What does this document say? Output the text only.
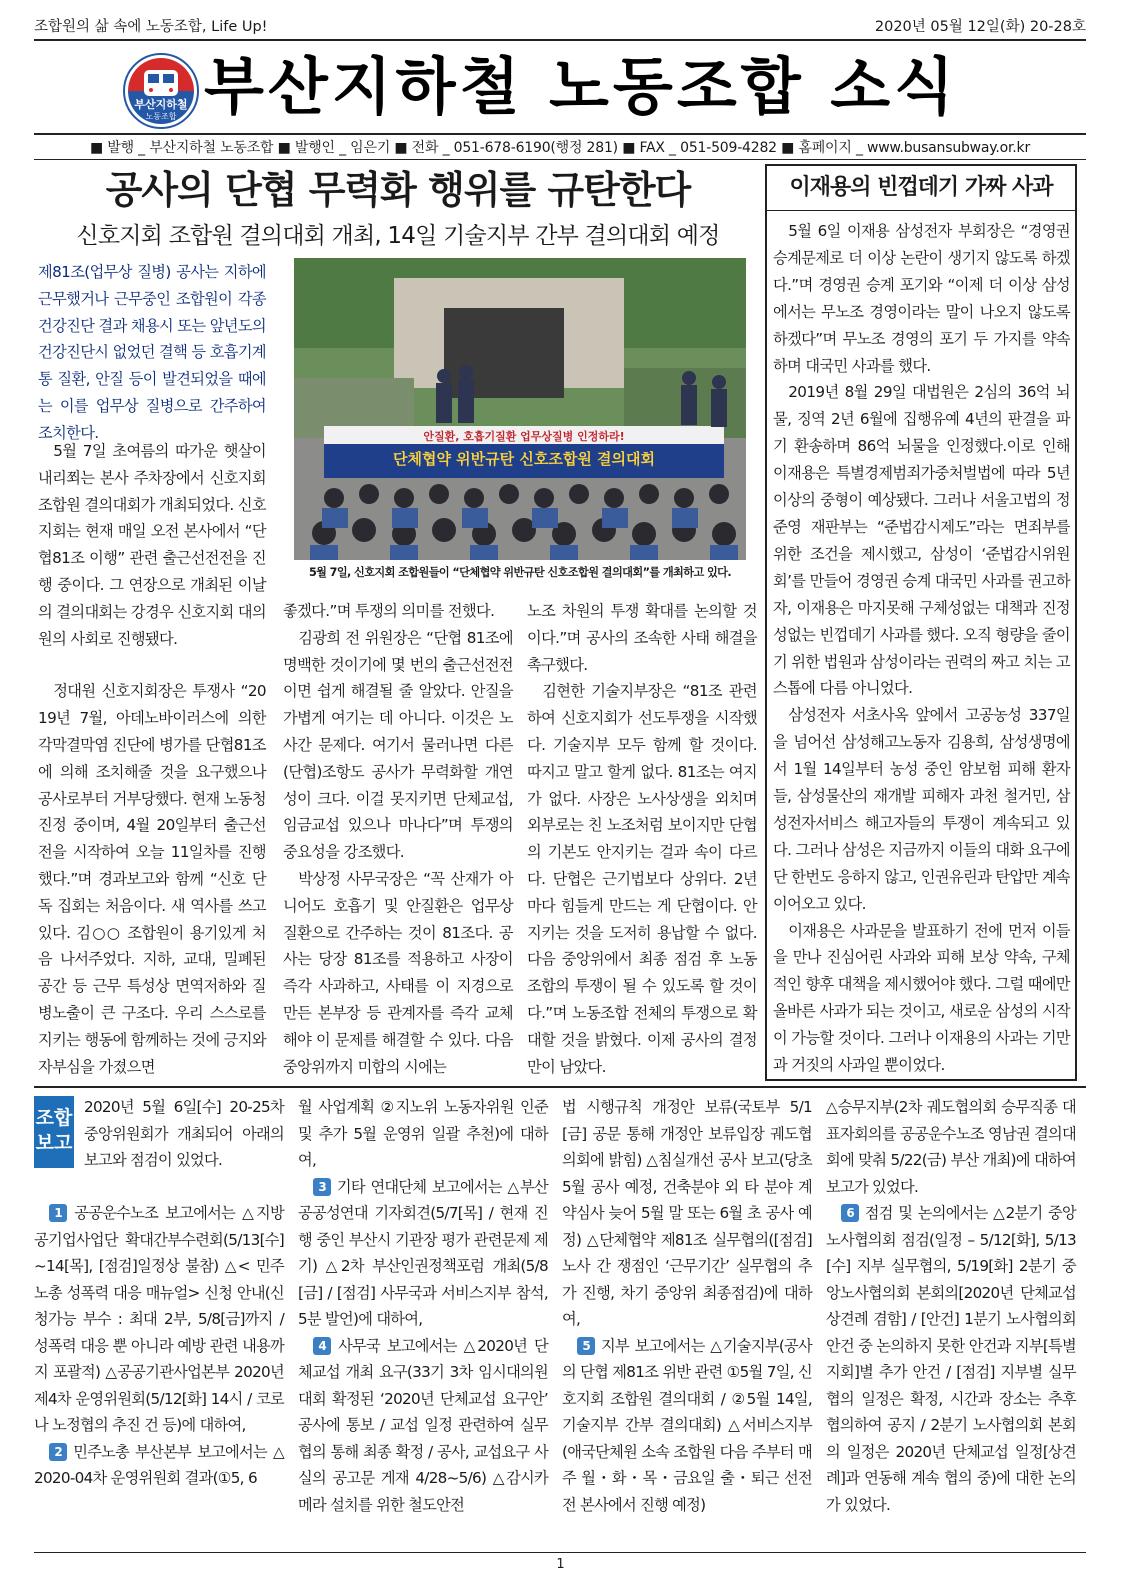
조합원의 삶 속에 노동조합, Life Up!	2020년 05월 12일(화) 20-28호
부산지하철
노동조합 부산지하철 노동조합 소식
■ 발행 _ 부산지하철 노동조합 ■ 발행인 _ 임은기 ■ 전화 _ 051-678-6190(행정 281) ■ FAX _ 051-509-4282 ■ 홈페이지 _ www.busansubway.or.kr
공사의 단협 무력화 행위를 규탄한다
신호지회 조합원 결의대회 개최, 14일 기술지부 간부 결의대회 예정

제81조(업무상 질병) 공사는 지하에 근무했거나 근무중인 조합원이 각종 건강진단 결과 채용시 또는 앞년도의 건강진단시 없었던 결핵 등 호흡기계통 질환, 안질 등이 발견되었을 때에는 이를 업무상 질병으로 간주하여 조치한다.

5월 7일 초여름의 따가운 햇살이 내리쬐는 본사 주차장에서 신호지회 조합원 결의대회가 개최되었다. 신호지회는 현재 매일 오전 본사에서 “단협81조 이행” 관련 출근선전전을 진행 중이다. 그 연장으로 개최된 이날의 결의대회는 강경우 신호지회 대의원의 사회로 진행됐다.

정대원 신호지회장은 투쟁사 “2019년 7월, 아데노바이러스에 의한 각막결막염 진단에 병가를 단협81조에 의해 조치해줄 것을 요구했으나 공사로부터 거부당했다. 현재 노동청 진정 중이며, 4월 20일부터 출근선전을 시작하여 오늘 11일차를 진행했다.”며 경과보고와 함께 “신호 단독 집회는 처음이다. 새 역사를 쓰고 있다. 김○○ 조합원이 용기있게 처음 나서주었다. 지하, 교대, 밀폐된 공간 등 근무 특성상 면역저하와 질병노출이 큰 구조다. 우리 스스로를 지키는 행동에 함께하는 것에 긍지와 자부심을 가졌으면

안질환, 호흡기질환 업무상질병 인정하라!
단체협약 위반규탄 신호조합원 결의대회
5월 7일, 신호지회 조합원들이 “단체협약 위반규탄 신호조합원 결의대회”를 개최하고 있다.

좋겠다.”며 투쟁의 의미를 전했다.

김광희 전 위원장은 “단협 81조에 명백한 것이기에 몇 번의 출근선전전이면 쉽게 해결될 줄 알았다. 안질을 가볍게 여기는 데 아니다. 이것은 노사간 문제다. 여기서 물러나면 다른 (단협)조항도 공사가 무력화할 개연성이 크다. 이걸 못지키면 단체교섭, 임금교섭 있으나 마나다”며 투쟁의 중요성을 강조했다.

박상정 사무국장은 “꼭 산재가 아니어도 호흡기 및 안질환은 업무상 질환으로 간주하는 것이 81조다. 공사는 당장 81조를 적용하고 사장이 즉각 사과하고, 사태를 이 지경으로 만든 본부장 등 관계자를 즉각 교체해야 이 문제를 해결할 수 있다. 다음 중앙위까지 미합의 시에는

노조 차원의 투쟁 확대를 논의할 것이다.”며 공사의 조속한 사태 해결을 촉구했다.

김현한 기술지부장은 “81조 관련하여 신호지회가 선도투쟁을 시작했다. 기술지부 모두 함께 할 것이다. 따지고 말고 할게 없다. 81조는 여지가 없다. 사장은 노사상생을 외치며 외부로는 친 노조처럼 보이지만 단협의 기본도 안지키는 걸과 속이 다르다. 단협은 근기법보다 상위다. 2년마다 힘들게 만드는 게 단협이다. 안지키는 것을 도저히 용납할 수 없다. 다음 중앙위에서 최종 점검 후 노동조합의 투쟁이 될 수 있도록 할 것이다.”며 노동조합 전체의 투쟁으로 확대할 것을 밝혔다. 이제 공사의 결정만이 남았다.

이재용의 빈껍데기 가짜 사과

5월 6일 이재용 삼성전자 부회장은 “경영권 승계문제로 더 이상 논란이 생기지 않도록 하겠다.”며 경영권 승계 포기와 “이제 더 이상 삼성에서는 무노조 경영이라는 말이 나오지 않도록 하겠다”며 무노조 경영의 포기 두 가지를 약속하며 대국민 사과를 했다.

2019년 8월 29일 대법원은 2심의 36억 뇌물, 징역 2년 6월에 집행유예 4년의 판결을 파기 환송하며 86억 뇌물을 인정했다.이로 인해 이재용은 특별경제범죄가중처벌법에 따라 5년이상의 중형이 예상됐다. 그러나 서울고법의 정준영 재판부는 “준법감시제도”라는 면죄부를 위한 조건을 제시했고, 삼성이 ‘준법감시위원회’를 만들어 경영권 승계 대국민 사과를 권고하자, 이재용은 마지못해 구체성없는 대책과 진정성없는 빈껍데기 사과를 했다. 오직 형량을 줄이기 위한 법원과 삼성이라는 권력의 짜고 치는 고스톱에 다름 아니었다.

삼성전자 서초사옥 앞에서 고공농성 337일을 넘어선 삼성해고노동자 김용희, 삼성생명에서 1월 14일부터 농성 중인 암보험 피해 환자들, 삼성물산의 재개발 피해자 과천 철거민, 삼성전자서비스 해고자들의 투쟁이 계속되고 있다. 그러나 삼성은 지금까지 이들의 대화 요구에 단 한번도 응하지 않고, 인권유린과 탄압만 계속 이어오고 있다.

이재용은 사과문을 발표하기 전에 먼저 이들을 만나 진심어린 사과와 피해 보상 약속, 구체적인 향후 대책을 제시했어야 했다. 그럴 때에만 올바른 사과가 되는 것이고, 새로운 삼성의 시작이 가능할 것이다. 그러나 이재용의 사과는 기만과 거짓의 사과일 뿐이었다.

조합
보고

2020년 5월 6일[수] 20-25차 중앙위원회가 개최되어 아래의 보고와 점검이 있었다.

1 공공운수노조 보고에서는 △지방공기업사업단 확대간부수련회(5/13[수]~14[목], [점검]일정상 불참) △< 민주노총 성폭력 대응 매뉴얼> 신청 안내(신청가능 부수 : 최대 2부, 5/8[금]까지 / 성폭력 대응 뿐 아니라 예방 관련 내용까지 포괄적) △공공기관사업본부 2020년 제4차 운영위원회(5/12[화] 14시 / 코로나 노정협의 추진 건 등)에 대하여,

2 민주노총 부산본부 보고에서는 △2020-04차 운영위원회 결과(①5, 6

월 사업계획 ②지노위 노동자위원 인준 및 추가 5월 운영위 일괄 추천)에 대하여,

3 기타 연대단체 보고에서는 △부산공공성연대 기자회견(5/7[목] / 현재 진행 중인 부산시 기관장 평가 관련문제 제기) △2차 부산인권정책포럼 개최(5/8[금] / [점검] 사무국과 서비스지부 참석, 5분 발언)에 대하여,

4 사무국 보고에서는 △2020년 단체교섭 개최 요구(33기 3차 임시대의원대회 확정된 ‘2020년 단체교섭 요구안’ 공사에 통보 / 교섭 일정 관련하여 실무협의 통해 최종 확정 / 공사, 교섭요구 사실의 공고문 게재 4/28~5/6) △감시카메라 설치를 위한 철도안전

법 시행규칙 개정안 보류(국토부 5/1[금] 공문 통해 개정안 보류입장 궤도협의회에 밝힘) △침실개선 공사 보고(당초 5월 공사 예정, 건축분야 외 타 분야 계약심사 늦어 5월 말 또는 6월 초 공사 예정) △단체협약 제81조 실무협의([점검] 노사 간 쟁점인 ‘근무기간’ 실무협의 추가 진행, 차기 중앙위 최종점검)에 대하여,

5 지부 보고에서는 △기술지부(공사의 단협 제81조 위반 관련 ①5월 7일, 신호지회 조합원 결의대회 / ②5월 14일, 기술지부 간부 결의대회) △서비스지부(애국단체원 소속 조합원 다음 주부터 매주 월・화・목・금요일 출・퇴근 선전전 본사에서 진행 예정)

△승무지부(2차 궤도협의회 승무직종 대표자회의를 공공운수노조 영남권 결의대회에 맞춰 5/22(금) 부산 개최)에 대하여 보고가 있었다.

6 점검 및 논의에서는 △2분기 중앙노사협의회 점검(일정 – 5/12[화], 5/13[수] 지부 실무협의, 5/19[화] 2분기 중앙노사협의회 본회의[2020년 단체교섭 상견례 겸함] / [안건] 1분기 노사협의회 안건 중 논의하지 못한 안건과 지부[특별지회]별 추가 안건 / [점검] 지부별 실무협의 일정은 확정, 시간과 장소는 추후 협의하여 공지 / 2분기 노사협의회 본회의 일정은 2020년 단체교섭 일정[상견례]과 연동해 계속 협의 중)에 대한 논의가 있었다.

1
